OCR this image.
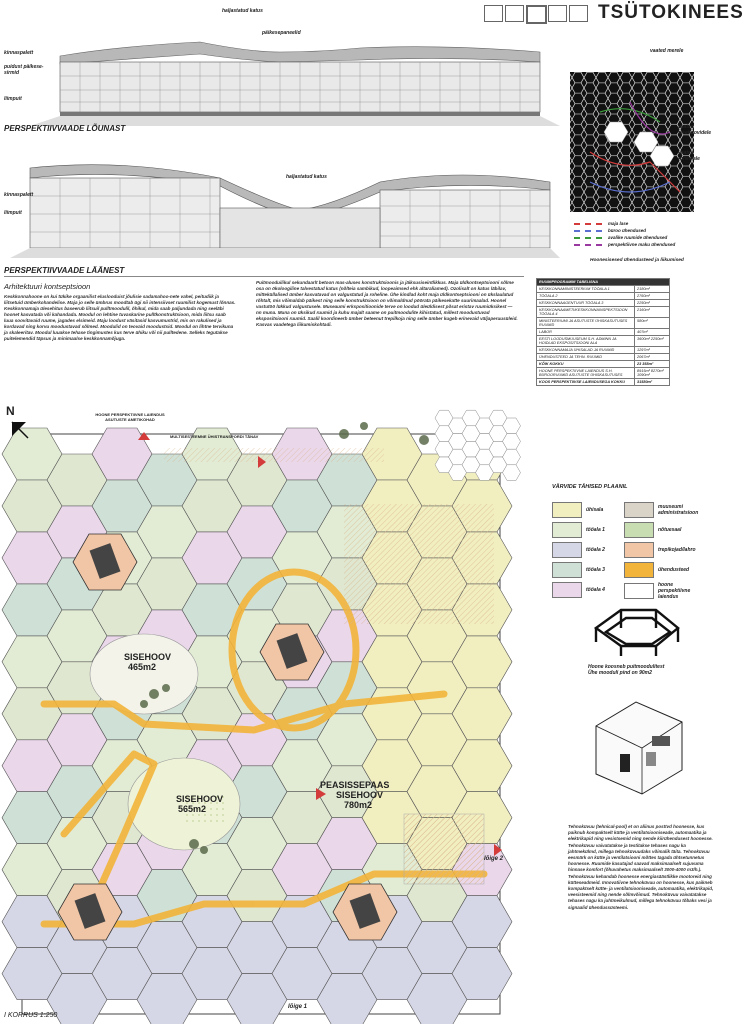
TSÜTOKINEES
haljastatud katus
päikesepaneelid
kinnaspalett
puidust päikese- sirmid
liimpuit
PERSPEKTIIVVAADE LÕUNAST
haljastatud katus
kinnaspalett
liimpuit
PERSPEKTIIVVAADE LÄÄNEST
vaated merele
vaated sisehoovidele
vaated rohealale
maja lase
büroo ühendused
avalike ruumide ühendused
perspektiivne maku ühendused
Hoonesisesed ühendusteed ja liikumised
Arhitektuuri kontseptsioon
Keskkonnahoone on kui tükike orgaanilist eluslooduist jõulisie sadamahoo-nete vahel, peitudiik ja liitsetuid ümberkohandelise. Maja jo selle ümbrus moodtab ügi nii intensiivset ruumilist kogemust lõnnas. Keskkonnamaja ülesehitus baseerub liitsuil pulltmoodulil, õhikul, mida saab paljundada ning seeläbi hoonet kasvatada või kahandada. Moodul on lehtine tuvaskarine pulltkonstruktsioon, mida liitsu saab luua soovitavaid ruume, jagades elsimeid. Maju loodust väsitasid kasvumustrid, mis on rakulised ja kordavad ning korvu moodustavad sõlmed. Moodulid on teovaid moodustsid. Moodul on lihtne tervikuna ja skaleeritav. Moodul luuakse tehase tingimustes kus terve ühiku või nii pulltedene. Selleks tegutakse puitelemendid täpsus ja minimaalse keskkonnamõjuga.
Puitmooduilikul sekundaarlt betoon mas-aluses konstruktsioonis ja jäiksusiseintlikkus. Maja üldkontseptsiooni sõlme osa on ökoloogiline talvestatud katus (nõlteia sambikud, loopeaimsed ehk altaraliamed). Ozolisalt on katus läbilav, mitteküllalised ümber kasvatavad on valgustatud ja roheline. Ühe kindlad koht maja üldkontseptsiooni on ükslaulatud rõhtalt, mis võimaldab päikest ning selle konstruktsioon on võimaldnud pöörata päikesekatte suurimaalad. Hoonel vastutöö lükkud valgustusele. Museaumi erkspositioonide terve on loodud üleüldisest põsat eristav ruumiüksikest — nn muna. Muna on üksikud ruumid ja kuhu majalt saame on puitmoodulite kihistatud, millest moodustuvad ekspositsiooni ruumid. Saalil koordineerb ümber beteenut trepilkoja ning selle ümber kugeb erinevaid väljaperuusüleid. Kasvas vaadetega liikumiskohtadi.
RUUMIPROGRAMMI TABELISNA	
KESKKONNAMINISTEERIUM TÖÖALA 1	2180m²
TÖÖALA 2	2760m²
KESKKONNAAGENTUUR TÖÖALA 3	2250m²
KESKKONNAAMETI/KESKKONNAINSPEKTSIOON TÖÖALA 4	2160m²
MINISTEERIUMI JA ASUTUSTE ÜHISKASUTUSES RUUMID	580m²
LABOR	407m²
EESTI LOODUSMUUSEUM S.H. ADMINN JA HOIDLAD EKSPOSITSIOONI ALA	3600m² 2250m²
KESKKONNAMAJA ÜHISALAD JA RUUMID	1297m²
ÜHENDUSTEED JA TEHN. RUUMID	2067m²
KÕIK KOKKU	23 358m²
HOONE PERSPEKTIIVNE LAIENDUS S.H. BÜROORUUMID ASUTUSTE ÜHISKASUTUSES	8915m² 8270m² 1090m²
KOOS PERSPEKTIIVSE LAIENDUSEGA KOKKU	31580m²
VÄRVIDE TÄHISED PLAANIL
ühisala
tööala 1
tööala 2
tööala 3
tööala 4
muuseumi administratsioon
nõtuesaal
trepikojad/lahro
ühendusteed
hoone perspektiivne laiendus
Hoone koosneb puitmoodulitest
Ühe mooduli pind on 90m2
Tehnoküvuu (tehnical-pool) et on aliinus posttvd hoonesse, kus paiknub kompaktselt kütte ja ventilatsiooniseade, automaatika ja elektrikapid ning vesistsemid ning nende kiirühendusest hoonesse. Tehnoküvuu vaivatatakse ja testitakse tehases nagu ka jahtmekülmd, millega tehnoküvuudaks võimalik täita. Tehnoküvuu eesmärk on kütte ja ventilatsiooni mõttes tagada ühtsetunnetus hoonesse. Ruumide kasutajad saavad maksimaalselt sujuvuma hinnase komfort (õhuvahetus maksimaalselt 3000-4000 m3/h.). Tehnoküvuu kehandab hoonesse energiasäästlikke mootoreid ning kütteseadmeid. Innovatiivne tehnoküvuu on hoonesse, kus paikneb kompaktselt kütte- ja ventilatsiooniseade, automaatika, elektrikapid, veesisteemid ning nende sõlmvõimud. Tehnoküvuu vaivatatakse tehases nagu ka juhtmeikulmud, millega tehnoküvuu tõbaks vesi ja signaalid ühendussüsteemi.
N	HOONE PERSPEKTIIVNE LAIENDUS ASUTUSTE AMETIKOHAD
MULTISESTEEMNE ÜHISTRANSPORDI TÄNAV
SISEHOOV
465m2
SISEHOOV
565m2
PEASISSEPAAS
SISEHOOV
780m2
lõige 2
lõige 1
I KORRUS 1:250
